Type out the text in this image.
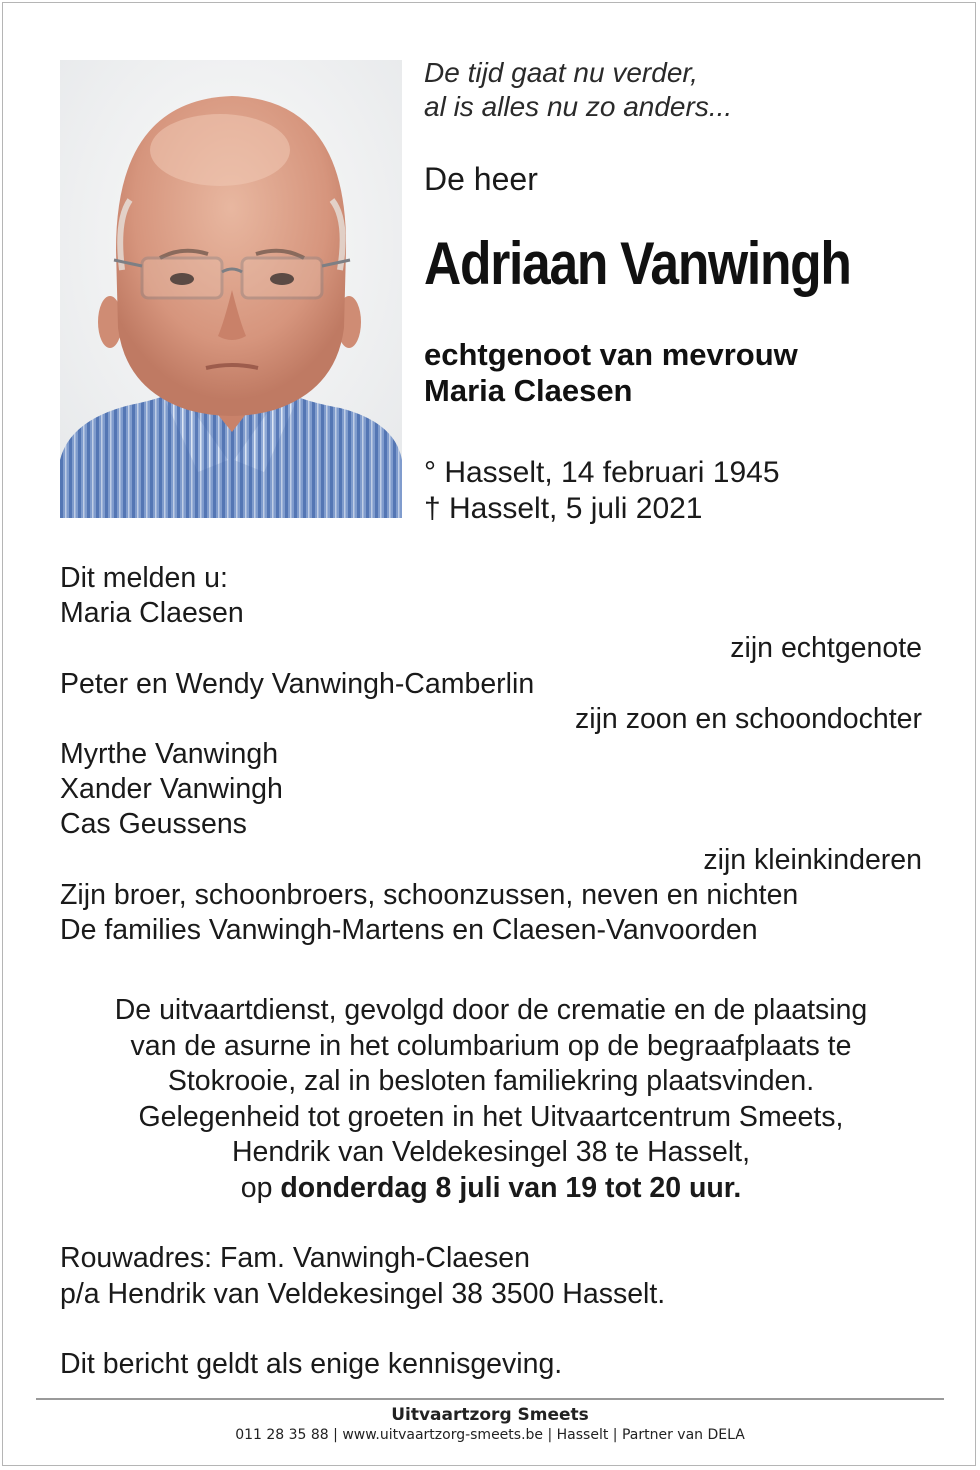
De tijd gaat nu verder,
al is alles nu zo anders...

De heer

Adriaan Vanwingh

echtgenoot van mevrouw
Maria Claesen

° Hasselt, 14 februari 1945
† Hasselt, 5 juli 2021

Dit melden u:
Maria Claesen
zijn echtgenote
Peter en Wendy Vanwingh-Camberlin
zijn zoon en schoondochter
Myrthe Vanwingh
Xander Vanwingh
Cas Geussens
zijn kleinkinderen
Zijn broer, schoonbroers, schoonzussen, neven en nichten
De families Vanwingh-Martens en Claesen-Vanvoorden
De uitvaartdienst, gevolgd door de crematie en de plaatsing
van de asurne in het columbarium op de begraafplaats te
Stokrooie, zal in besloten familiekring plaatsvinden.
Gelegenheid tot groeten in het Uitvaartcentrum Smeets,
Hendrik van Veldekesingel 38 te Hasselt,
op donderdag 8 juli van 19 tot 20 uur.

Rouwadres: Fam. Vanwingh-Claesen
p/a Hendrik van Veldekesingel 38 3500 Hasselt.

Dit bericht geldt als enige kennisgeving.

Uitvaartzorg Smeets
011 28 35 88 | www.uitvaartzorg-smeets.be | Hasselt | Partner van DELA
